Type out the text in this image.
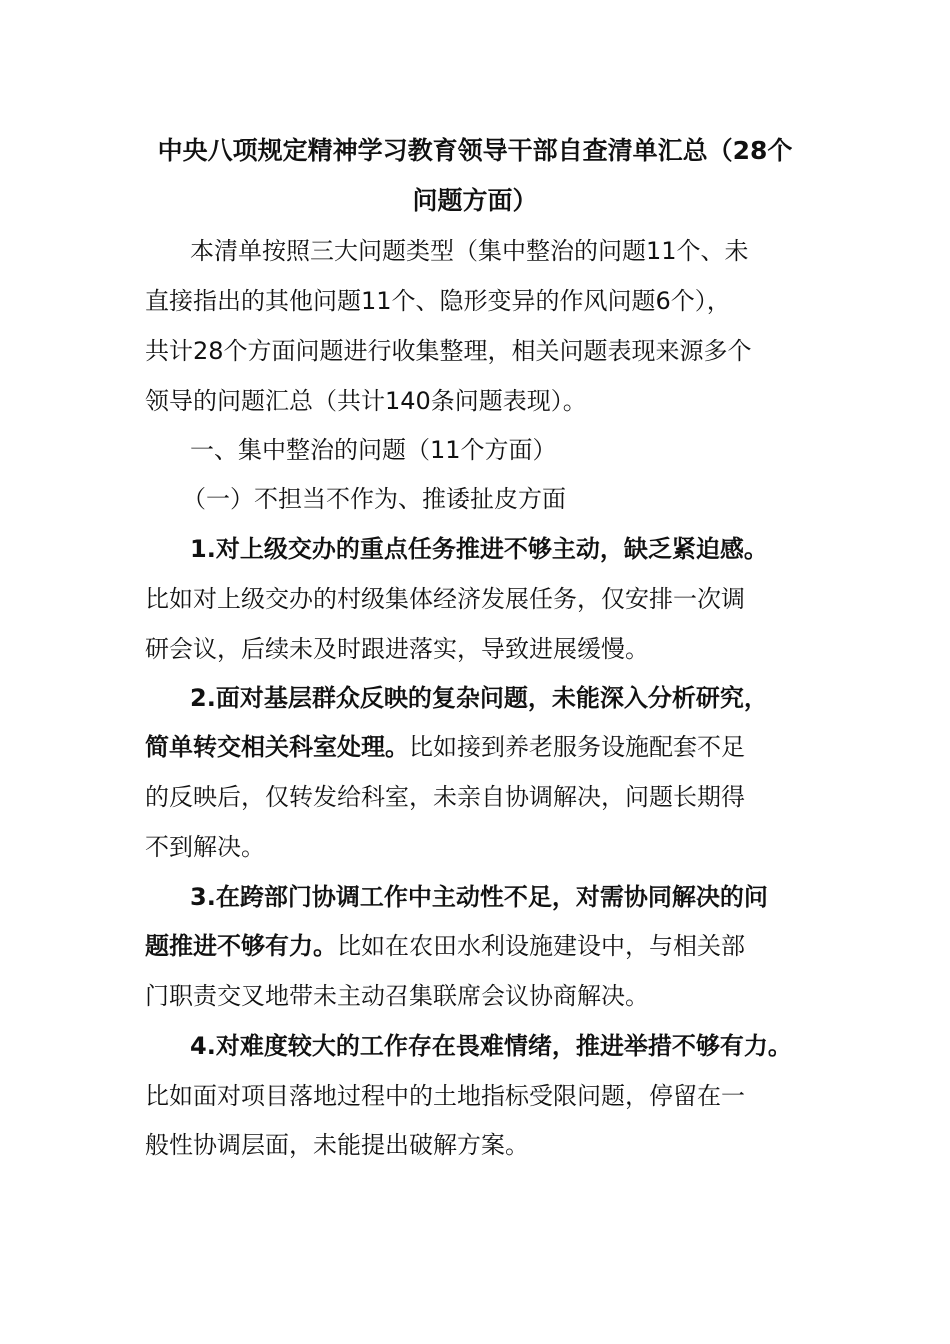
中央八项规定精神学习教育领导干部自查清单汇总（28个

问题方面）

本清单按照三大问题类型（集中整治的问题11个、未

直接指出的其他问题11个、隐形变异的作风问题6个），

共计28个方面问题进行收集整理，相关问题表现来源多个

领导的问题汇总（共计140条问题表现）。

一、集中整治的问题（11个方面）

（一）不担当不作为、推诿扯皮方面

1.对上级交办的重点任务推进不够主动，缺乏紧迫感。

比如对上级交办的村级集体经济发展任务，仅安排一次调

研会议，后续未及时跟进落实，导致进展缓慢。

2.面对基层群众反映的复杂问题，未能深入分析研究，

简单转交相关科室处理。比如接到养老服务设施配套不足

的反映后，仅转发给科室，未亲自协调解决，问题长期得

不到解决。

3.在跨部门协调工作中主动性不足，对需协同解决的问

题推进不够有力。比如在农田水利设施建设中，与相关部

门职责交叉地带未主动召集联席会议协商解决。

4.对难度较大的工作存在畏难情绪，推进举措不够有力。

比如面对项目落地过程中的土地指标受限问题，停留在一

般性协调层面，未能提出破解方案。
